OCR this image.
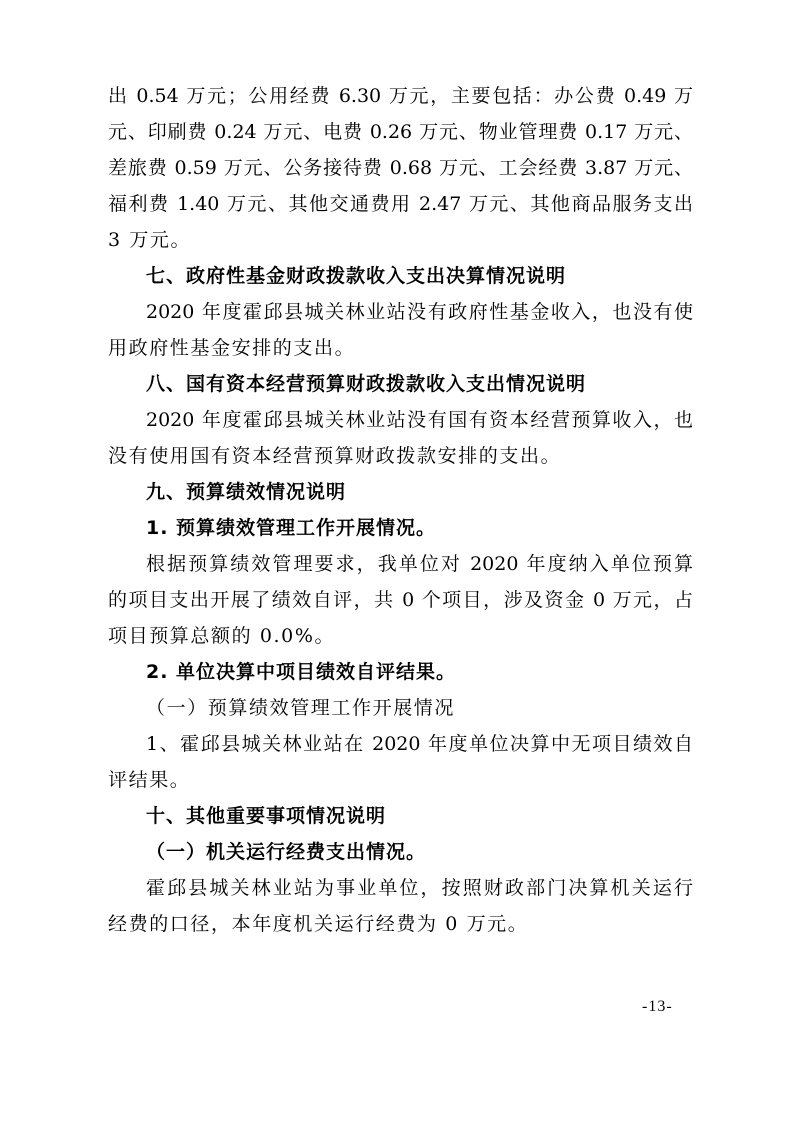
出 0.54 万元；公用经费 6.30 万元，主要包括：办公费 0.49 万
元、印刷费 0.24 万元、电费 0.26 万元、物业管理费 0.17 万元、
差旅费 0.59 万元、公务接待费 0.68 万元、工会经费 3.87 万元、
福利费 1.40 万元、其他交通费用 2.47 万元、其他商品服务支出
3 万元。
七、政府性基金财政拨款收入支出决算情况说明
2020 年度霍邱县城关林业站没有政府性基金收入，也没有使
用政府性基金安排的支出。
八、国有资本经营预算财政拨款收入支出情况说明
2020 年度霍邱县城关林业站没有国有资本经营预算收入，也
没有使用国有资本经营预算财政拨款安排的支出。
九、预算绩效情况说明
1. 预算绩效管理工作开展情况。
根据预算绩效管理要求，我单位对 2020 年度纳入单位预算
的项目支出开展了绩效自评，共 0 个项目，涉及资金 0 万元，占
项目预算总额的 0.0%。
2. 单位决算中项目绩效自评结果。
（一）预算绩效管理工作开展情况
1、霍邱县城关林业站在 2020 年度单位决算中无项目绩效自
评结果。
十、其他重要事项情况说明
（一）机关运行经费支出情况。
霍邱县城关林业站为事业单位，按照财政部门决算机关运行
经费的口径，本年度机关运行经费为 0 万元。
-13-
